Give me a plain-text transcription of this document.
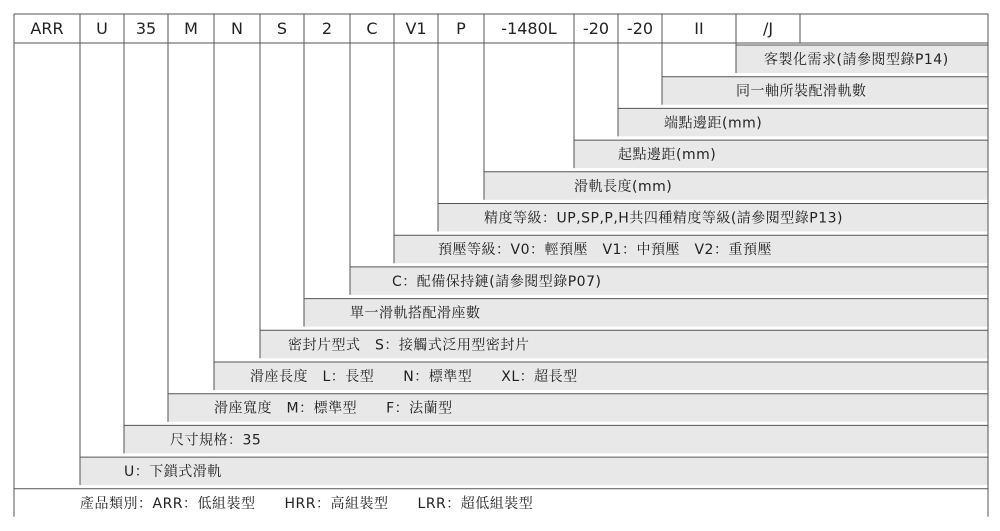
ARR U 35 M N S 2 C V1 P -1480L -20 -20	II	/J
客製化需求(請參閱型錄P14)
同一軸所裝配滑軌數
端點邊距(mm)
起點邊距(mm)
滑軌長度(mm)
精度等級：UP,SP,P,H共四種精度等級(請參閱型錄P13)
預壓等級：V0：輕預壓　V1：中預壓　V2：重預壓
C：配備保持鏈(請參閱型錄P07)
單一滑軌搭配滑座數
密封片型式　S：接觸式泛用型密封片
滑座長度　L：長型　　N：標準型　　XL：超長型
滑座寬度　M：標準型　　F：法蘭型
尺寸規格：35
U：下鎖式滑軌
產品類別：ARR：低組裝型　　HRR：高組裝型　　LRR：超低組裝型
